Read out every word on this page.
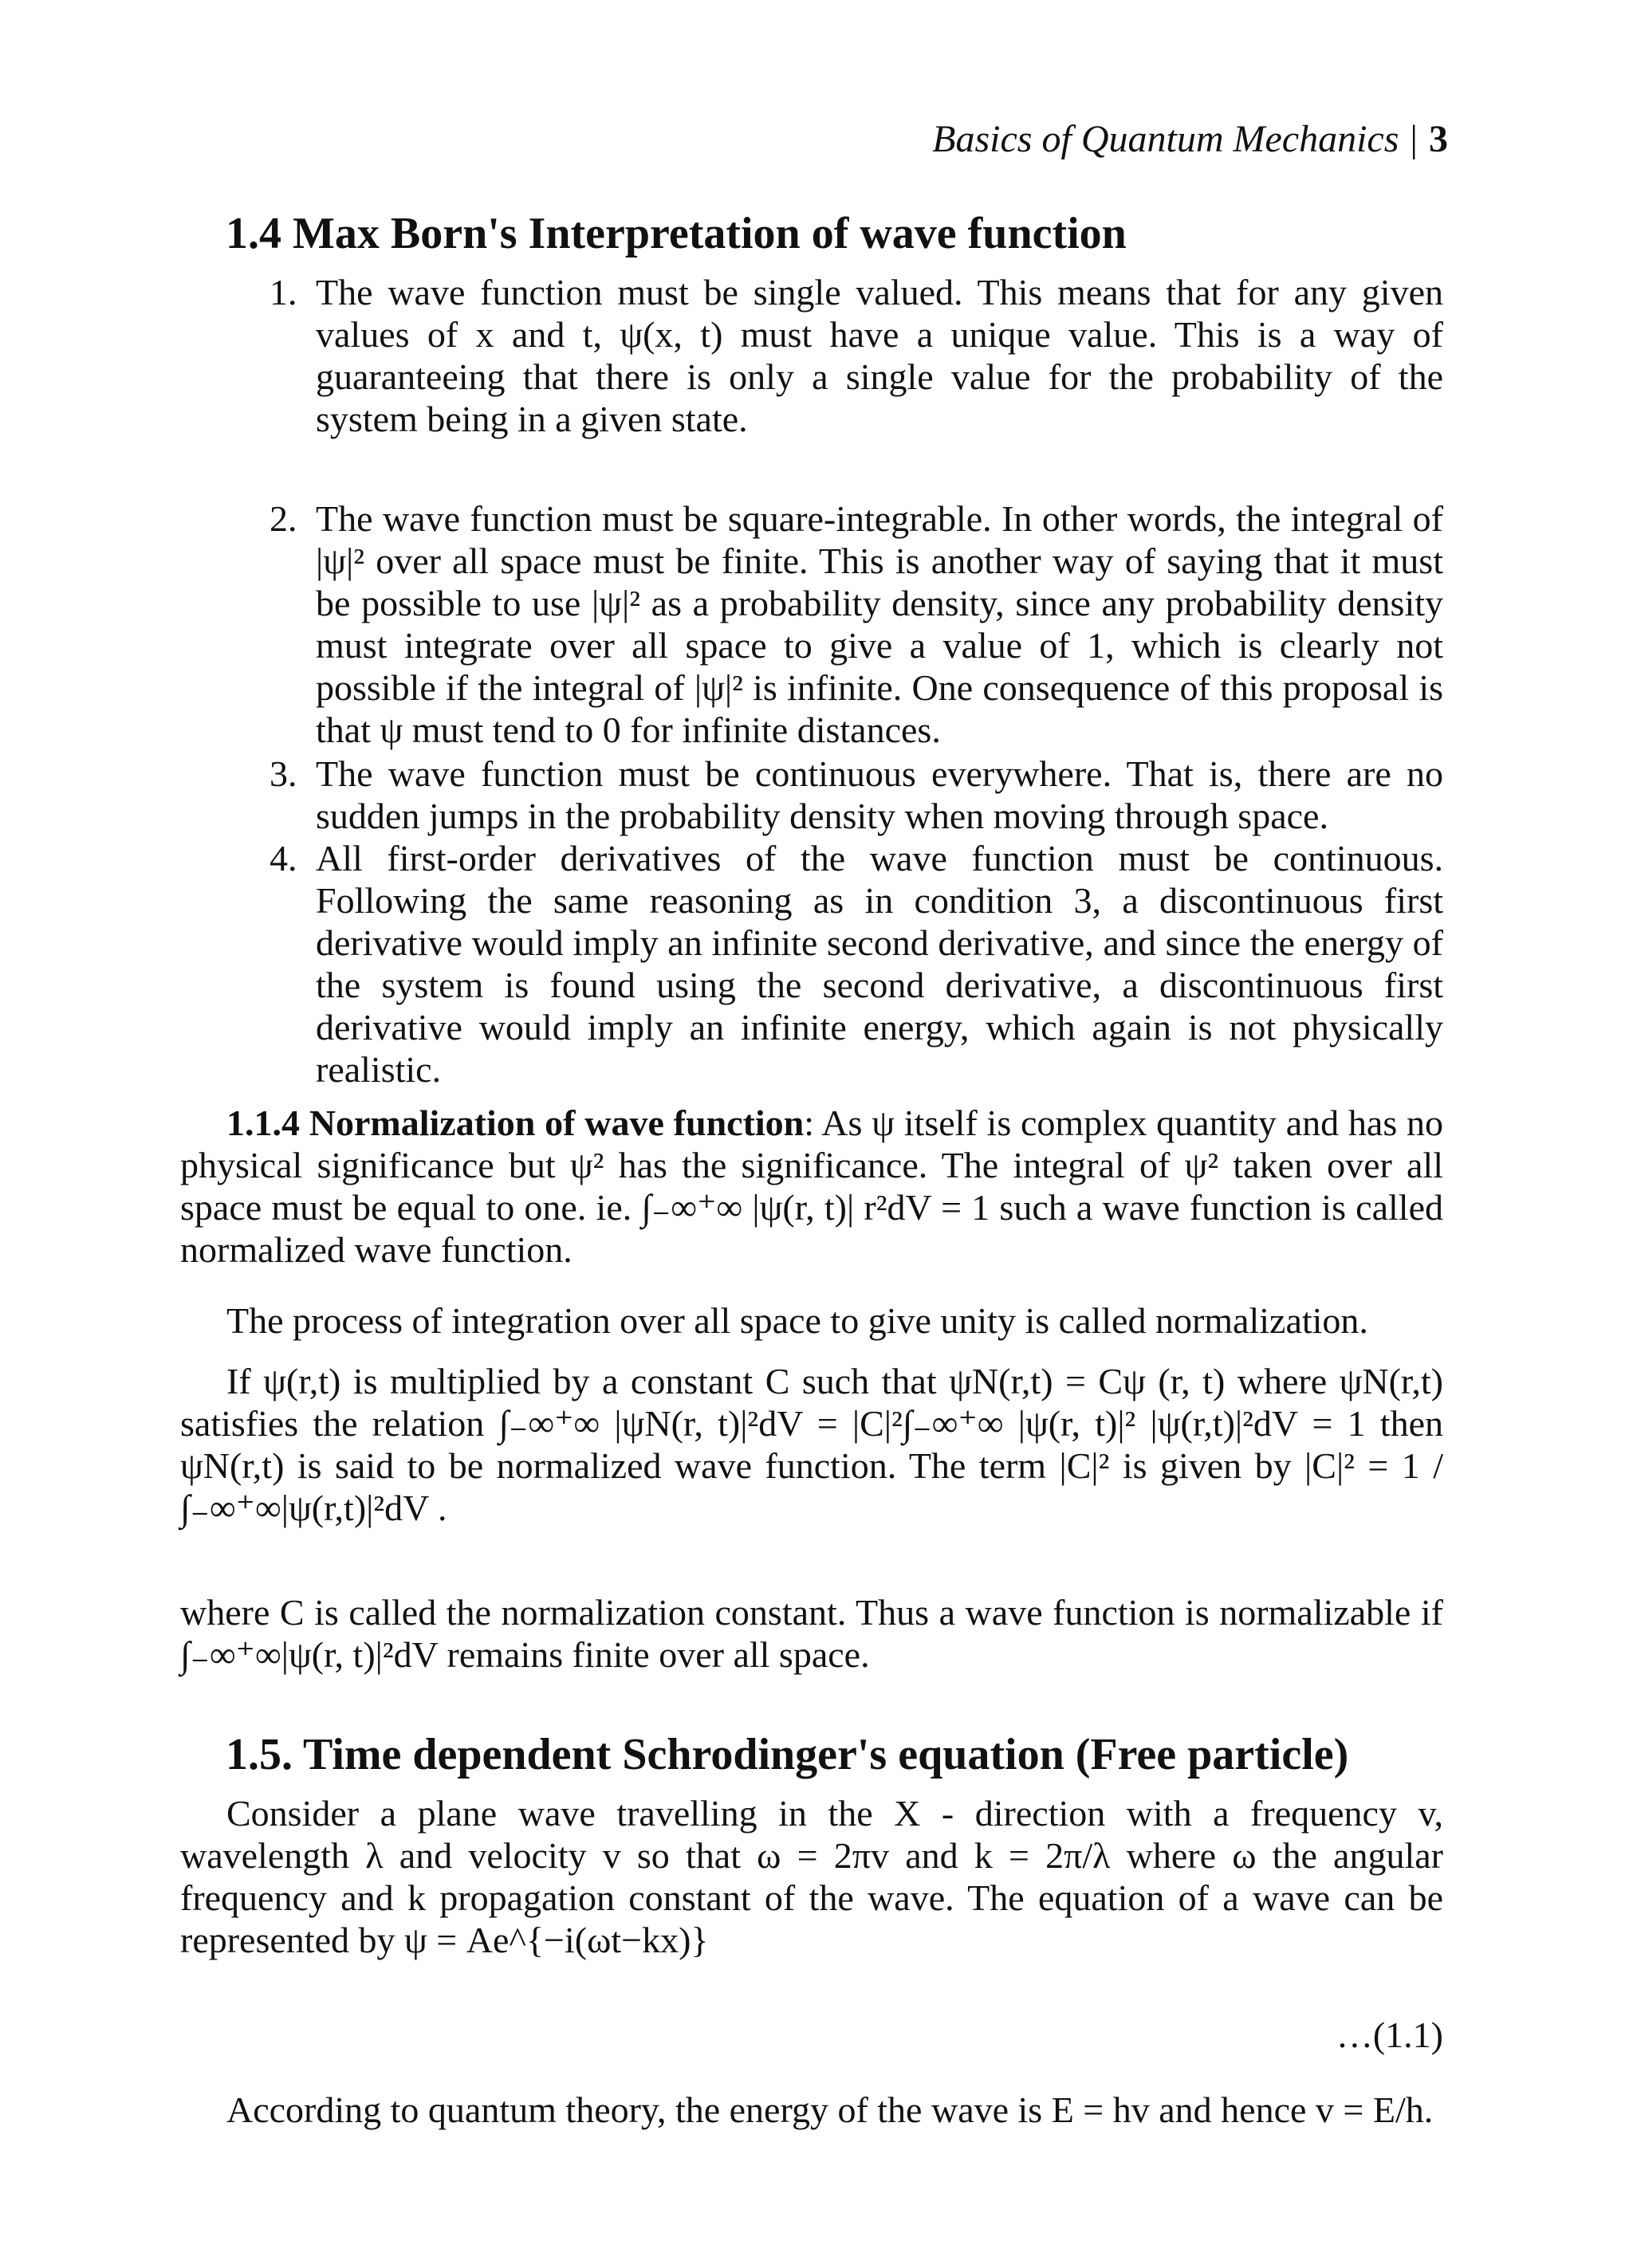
Basics of Quantum Mechanics | 3
1.4 Max Born's Interpretation of wave function
1.
2.
3.
4.

The wave function must be single valued. This means that for any given values of x and t, ψ(x, t) must have a unique value. This is a way of guaranteeing that there is only a single value for the probability of the system being in a given state.

The wave function must be square-integrable. In other words, the integral of |ψ|² over all space must be finite. This is another way of saying that it must be possible to use |ψ|² as a probability density, since any probability density must integrate over all space to give a value of 1, which is clearly not possible if the integral of |ψ|² is infinite. One consequence of this proposal is that ψ must tend to 0 for infinite distances.

The wave function must be continuous everywhere. That is, there are no sudden jumps in the probability density when moving through space.

All first-order derivatives of the wave function must be continuous. Following the same reasoning as in condition 3, a discontinuous first derivative would imply an infinite second derivative, and since the energy of the system is found using the second derivative, a discontinuous first derivative would imply an infinite energy, which again is not physically realistic.

1.1.4 Normalization of wave function: As ψ itself is complex quantity and has no physical significance but ψ² has the significance. The integral of ψ² taken over all space must be equal to one. ie. ∫₋∞⁺∞ |ψ(r, t)| r²dV = 1 such a wave function is called normalized wave function.

The process of integration over all space to give unity is called normalization.

If ψ(r,t) is multiplied by a constant C such that ψN(r,t) = Cψ (r, t) where ψN(r,t) satisfies the relation ∫₋∞⁺∞ |ψN(r, t)|²dV = |C|²∫₋∞⁺∞ |ψ(r, t)|² |ψ(r,t)|²dV = 1 then ψN(r,t) is said to be normalized wave function. The term |C|² is given by |C|² = 1 / ∫₋∞⁺∞|ψ(r,t)|²dV .

where C is called the normalization constant. Thus a wave function is normalizable if ∫₋∞⁺∞|ψ(r, t)|²dV remains finite over all space.

1.5. Time dependent Schrodinger's equation (Free particle)

Consider a plane wave travelling in the X - direction with a frequency v, wavelength λ and velocity v so that ω = 2πv and k = 2π/λ where ω the angular frequency and k propagation constant of the wave. The equation of a wave can be represented by ψ = Ae^{−i(ωt−kx)}

…(1.1)

According to quantum theory, the energy of the wave is E = hv and hence v = E/h.
